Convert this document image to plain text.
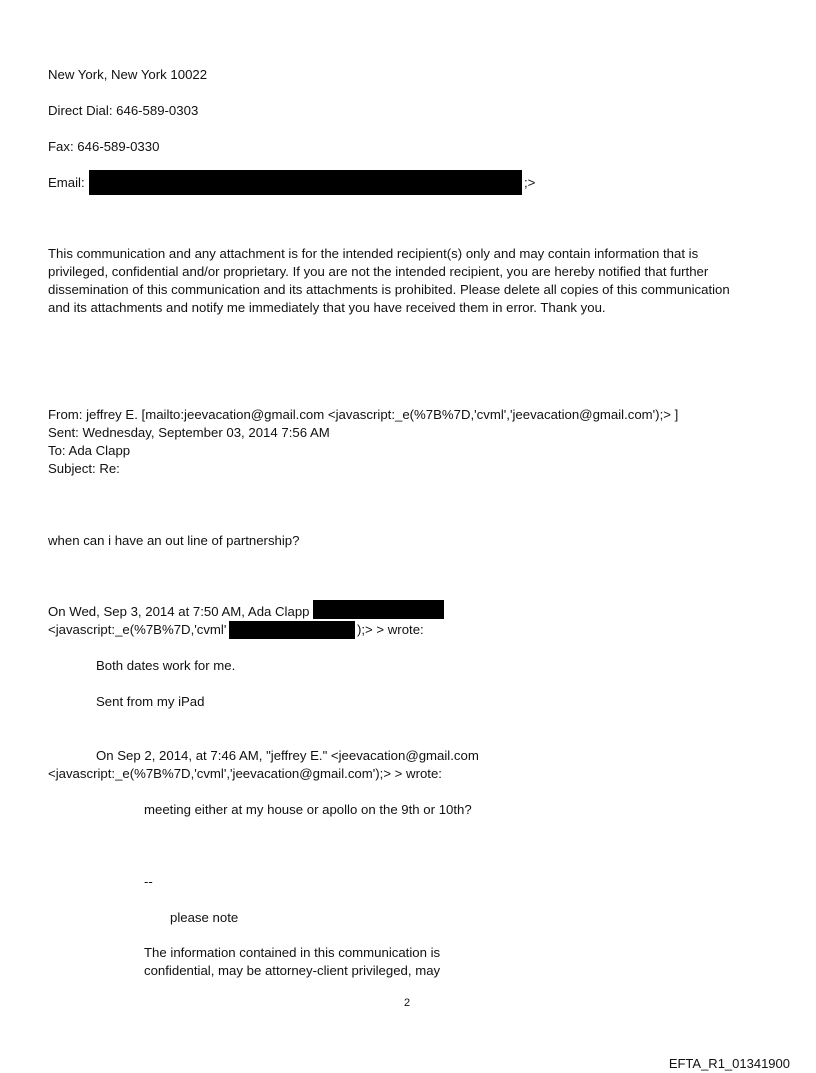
New York, New York 10022
Direct Dial: 646-589-0303
Fax: 646-589-0330
Email:	;>
This communication and any attachment is for the intended recipient(s) only and may contain information that is
privileged, confidential and/or proprietary. If you are not the intended recipient, you are hereby notified that further
dissemination of this communication and its attachments is prohibited. Please delete all copies of this communication
and its attachments and notify me immediately that you have received them in error. Thank you.
From: jeffrey E. [mailto:jeevacation@gmail.com <javascript:_e(%7B%7D,'cvml','jeevacation@gmail.com');> ]
Sent: Wednesday, September 03, 2014 7:56 AM
To: Ada Clapp
Subject: Re:
when can i have an out line of partnership?
On Wed, Sep 3, 2014 at 7:50 AM, Ada Clapp
<javascript:_e(%7B%7D,'cvml'	);> > wrote:
Both dates work for me.
Sent from my iPad
On Sep 2, 2014, at 7:46 AM, "jeffrey E." <jeevacation@gmail.com
<javascript:_e(%7B%7D,'cvml','jeevacation@gmail.com');> > wrote:
meeting either at my house or apollo on the 9th or 10th?
--
please note
The information contained in this communication is
confidential, may be attorney-client privileged, may
2
EFTA_R1_01341900
